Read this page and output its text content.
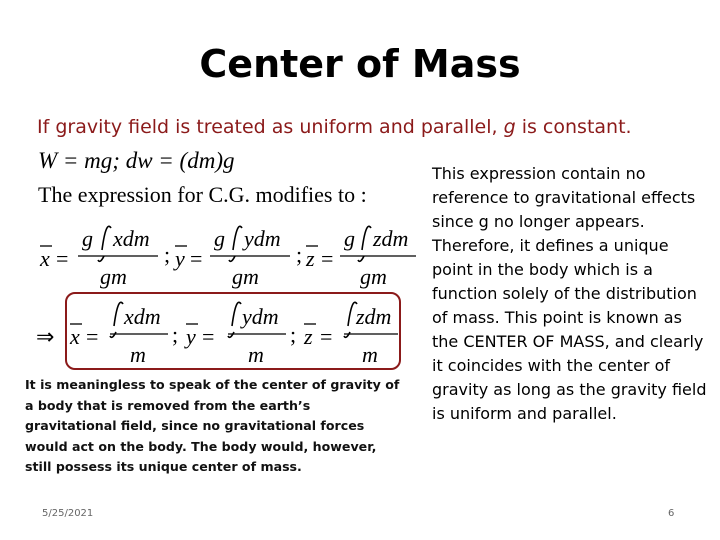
Center of Mass
If gravity field is treated as uniform and parallel, g is constant.
W = mg; dw = (dm)g
The expression for C.G. modifies to :
x =
g xdm
gm
; y =
g ydm
gm
; z =
g zdm
gm
⇒ x =
xdm
m
; y =
ydm
m
; z =
zdm
m
This expression contain no
reference to gravitational effects
since g no longer appears.
Therefore, it defines a unique
point in the body which is a
function solely of the distribution
of mass. This point is known as
the CENTER OF MASS, and clearly
it coincides with the center of
gravity as long as the gravity field
is uniform and parallel.
It is meaningless to speak of the center of gravity of
a body that is removed from the earth’s
gravitational field, since no gravitational forces
would act on the body. The body would, however,
still possess its unique center of mass.
5/25/2021	6
